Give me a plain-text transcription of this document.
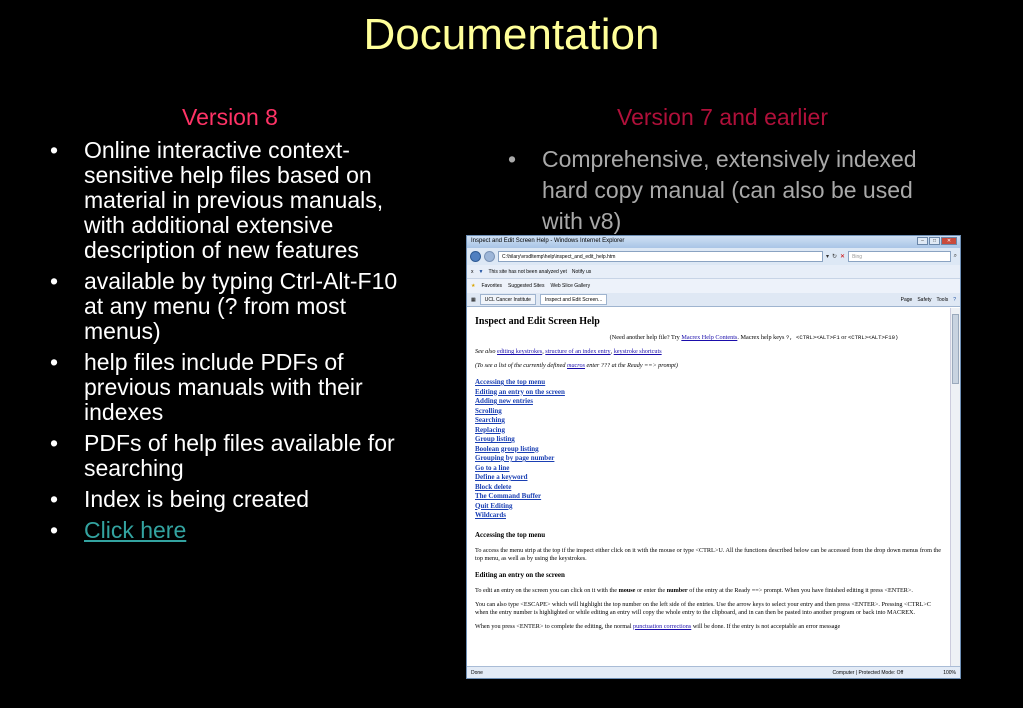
Documentation
Version 8	Version 7 and earlier
•	Online interactive context-sensitive help files based on material in previous manuals, with additional extensive description of new features
•	available by typing Ctrl-Alt-F10 at any menu (? from most menus)
•	help files include PDFs of previous manuals with their indexes
•	PDFs of help files available for searching
•	Index is being created
•	Click here
•	Comprehensive, extensively indexed hard copy manual (can also be used with v8)
Inspect and Edit Screen Help - Windows Internet Explorer	–	□	✕
C:\hilary\vrsdltemp\help\inspect_and_edit_help.htm	▾ ↻ ✕	Bing	⌕
x ▼ This site has not been analyzed yet Notify us
★ Favorites Suggested Sites Web Slice Gallery
▦	UCL Cancer Institute	Inspect and Edit Screen...	Page Safety Tools ?
Inspect and Edit Screen Help
(Need another help file? Try Macrex Help Contents. Macrex help keys ?, <CTRL><ALT>F1 or <CTRL><ALT>F10)
See also editing keystrokes, structure of an index entry, keystroke shortcuts
(To see a list of the currently defined macros enter ??? at the Ready ==> prompt)
Accessing the top menu
Editing an entry on the screen
Adding new entries
Scrolling
Searching
Replacing
Group listing
Boolean group listing
Grouping by page number
Go to a line
Define a keyword
Block delete
The Command Buffer
Quit Editing
Wildcards
Accessing the top menu
To access the menu strip at the top if the inspect either click on it with the mouse or type <CTRL>U. All the functions described below can be accessed from the drop down menus from the top menu, as well as by using the keystrokes.
Editing an entry on the screen
To edit an entry on the screen you can click on it with the mouse or enter the number of the entry at the Ready ==> prompt. When you have finished editing it press <ENTER>.
You can also type <ESCAPE> which will highlight the top number on the left side of the entries. Use the arrow keys to select your entry and then press <ENTER>. Pressing <CTRL>C when the entry number is highlighted or while editing an entry will copy the whole entry to the clipboard, and in can then be pasted into another program or back into MACREX.
When you press <ENTER> to complete the editing, the normal punctuation corrections will be done. If the entry is not acceptable an error message
Done	Computer | Protected Mode: Off	100%
